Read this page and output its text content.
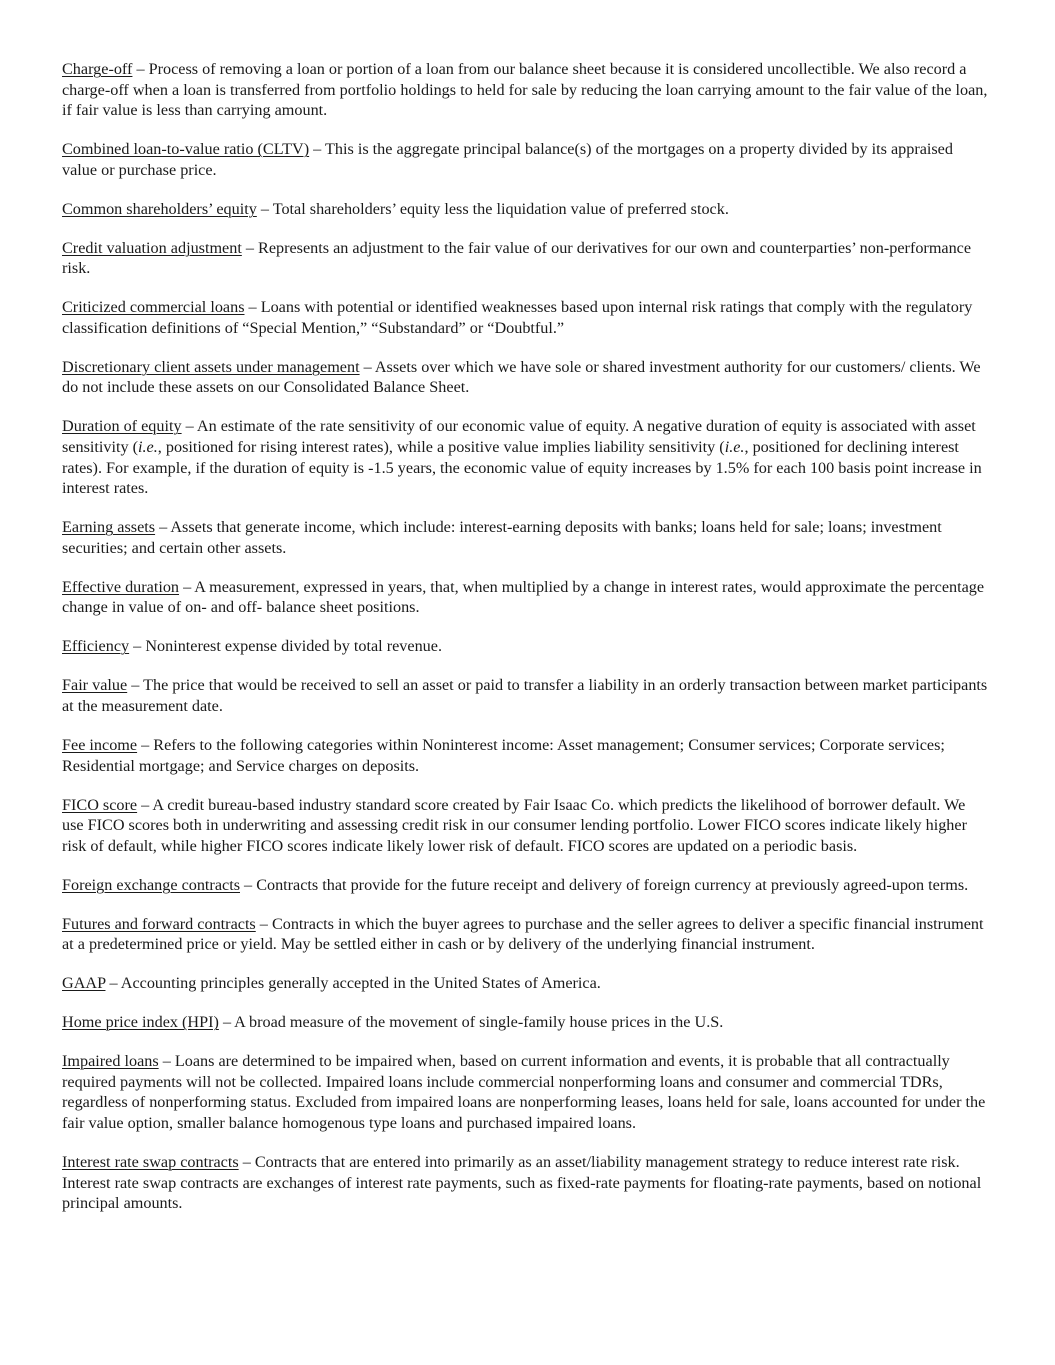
Charge-off – Process of removing a loan or portion of a loan from our balance sheet because it is considered uncollectible. We also record a charge-off when a loan is transferred from portfolio holdings to held for sale by reducing the loan carrying amount to the fair value of the loan, if fair value is less than carrying amount.

Combined loan-to-value ratio (CLTV) – This is the aggregate principal balance(s) of the mortgages on a property divided by its appraised value or purchase price.

Common shareholders’ equity – Total shareholders’ equity less the liquidation value of preferred stock.

Credit valuation adjustment – Represents an adjustment to the fair value of our derivatives for our own and counterparties’ non-performance risk.

Criticized commercial loans – Loans with potential or identified weaknesses based upon internal risk ratings that comply with the regulatory classification definitions of “Special Mention,” “Substandard” or “Doubtful.”

Discretionary client assets under management – Assets over which we have sole or shared investment authority for our customers/ clients. We do not include these assets on our Consolidated Balance Sheet.

Duration of equity – An estimate of the rate sensitivity of our economic value of equity. A negative duration of equity is associated with asset sensitivity (i.e., positioned for rising interest rates), while a positive value implies liability sensitivity (i.e., positioned for declining interest rates). For example, if the duration of equity is -1.5 years, the economic value of equity increases by 1.5% for each 100 basis point increase in interest rates.

Earning assets – Assets that generate income, which include: interest-earning deposits with banks; loans held for sale; loans; investment securities; and certain other assets.

Effective duration – A measurement, expressed in years, that, when multiplied by a change in interest rates, would approximate the percentage change in value of on- and off- balance sheet positions.

Efficiency – Noninterest expense divided by total revenue.

Fair value – The price that would be received to sell an asset or paid to transfer a liability in an orderly transaction between market participants at the measurement date.

Fee income – Refers to the following categories within Noninterest income: Asset management; Consumer services; Corporate services; Residential mortgage; and Service charges on deposits.

FICO score – A credit bureau-based industry standard score created by Fair Isaac Co. which predicts the likelihood of borrower default. We use FICO scores both in underwriting and assessing credit risk in our consumer lending portfolio. Lower FICO scores indicate likely higher risk of default, while higher FICO scores indicate likely lower risk of default. FICO scores are updated on a periodic basis.

Foreign exchange contracts – Contracts that provide for the future receipt and delivery of foreign currency at previously agreed-upon terms.

Futures and forward contracts – Contracts in which the buyer agrees to purchase and the seller agrees to deliver a specific financial instrument at a predetermined price or yield. May be settled either in cash or by delivery of the underlying financial instrument.

GAAP – Accounting principles generally accepted in the United States of America.

Home price index (HPI) – A broad measure of the movement of single-family house prices in the U.S.

Impaired loans – Loans are determined to be impaired when, based on current information and events, it is probable that all contractually required payments will not be collected. Impaired loans include commercial nonperforming loans and consumer and commercial TDRs, regardless of nonperforming status. Excluded from impaired loans are nonperforming leases, loans held for sale, loans accounted for under the fair value option, smaller balance homogenous type loans and purchased impaired loans.

Interest rate swap contracts – Contracts that are entered into primarily as an asset/liability management strategy to reduce interest rate risk. Interest rate swap contracts are exchanges of interest rate payments, such as fixed-rate payments for floating-rate payments, based on notional principal amounts.
